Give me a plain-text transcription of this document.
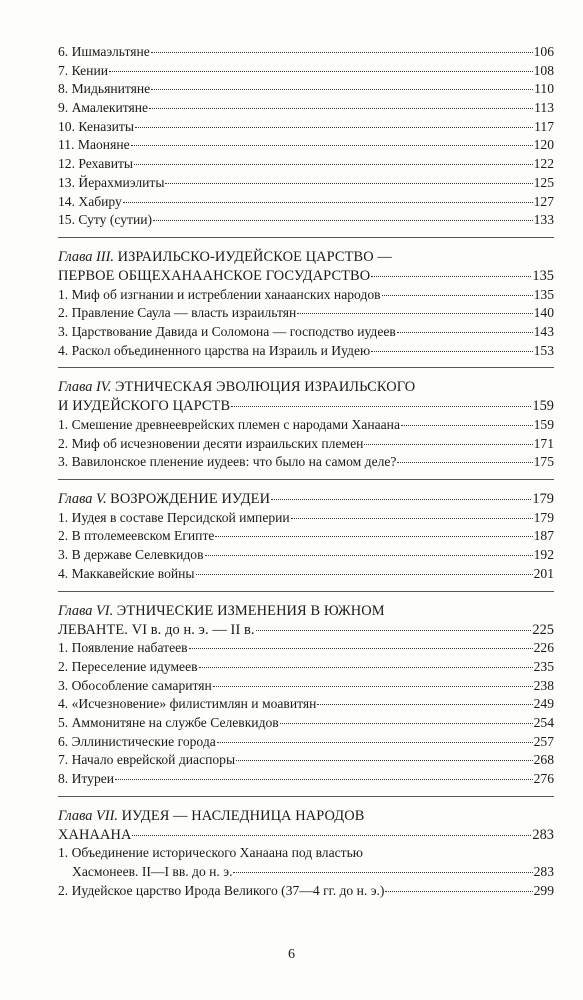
6. Ишмаэльтяне	106
7. Кении	108
8. Мидьянитяне	110
9. Амалекитяне	113
10. Кеназиты	117
11. Маоняне	120
12. Рехавиты	122
13. Йерахмиэлиты	125
14. Хабиру	127
15. Суту (сутии)	133
Глава III.
ИЗРАИЛЬСКО-ИУДЕЙСКОЕ ЦАРСТВО —
ПЕРВОЕ ОБЩЕХАНААНСКОЕ ГОСУДАРСТВО	135
1. Миф об изгнании и истреблении ханаанских народов	135
2. Правление Саула — власть израильтян	140
3. Царствование Давида и Соломона — господство иудеев	143
4. Раскол объединенного царства на Израиль и Иудею	153
Глава IV.
ЭТНИЧЕСКАЯ ЭВОЛЮЦИЯ ИЗРАИЛЬСКОГО
И ИУДЕЙСКОГО ЦАРСТВ	159
1. Смешение древнееврейских племен с народами Ханаана	159
2. Миф об исчезновении десяти израильских племен	171
3. Вавилонское пленение иудеев: что было на самом деле?	175
Глава V. ВОЗРОЖДЕНИЕ ИУДЕИ	179
1. Иудея в составе Персидской империи	179
2. В птолемеевском Египте	187
3. В державе Селевкидов	192
4. Маккавейские войны	201
Глава VI.
ЭТНИЧЕСКИЕ ИЗМЕНЕНИЯ В ЮЖНОМ
ЛЕВАНТЕ. VI в. до н. э. — II в.	225
1. Появление набатеев	226
2. Переселение идумеев	235
3. Обособление самаритян	238
4. «Исчезновение» филистимлян и моавитян	249
5. Аммонитяне на службе Селевкидов	254
6. Эллинистические города	257
7. Начало еврейской диаспоры	268
8. Итуреи	276
Глава VII.
ИУДЕЯ — НАСЛЕДНИЦА НАРОДОВ
ХАНААНА	283
1. Объединение исторического Ханаана под властью
Хасмонеев. II—I вв. до н. э.	283
2. Иудейское царство Ирода Великого (37—4 гг. до н. э.)	299
6
